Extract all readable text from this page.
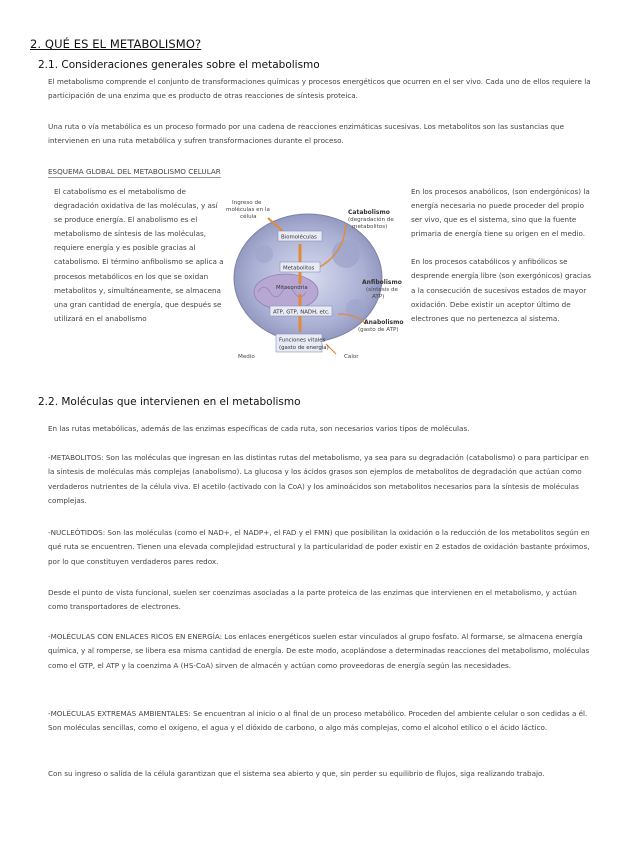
2. QUÉ ES EL METABOLISMO?
2.1. Consideraciones generales sobre el metabolismo

El metabolismo comprende el conjunto de transformaciones químicas y procesos energéticos que ocurren en el ser vivo. Cada uno de ellos requiere la participación de una enzima que es producto de otras reacciones de síntesis proteica.

Una ruta o vía metabólica es un proceso formado por una cadena de reacciones enzimáticas sucesivas. Los metabolitos son las sustancias que intervienen en una ruta metabólica y sufren transformaciones durante el proceso.

ESQUEMA GLOBAL DEL METABOLISMO CELULAR

El catabolismo es el metabolismo de degradación oxidativa de las moléculas, y así se produce energía. El anabolismo es el metabolismo de síntesis de las moléculas, requiere energía y es posible gracias al catabolismo. El término anfibolismo se aplica a procesos metabólicos en los que se oxidan metabolitos y, simultáneamente, se almacena una gran cantidad de energía, que después se utilizará en el anabolismo

Biomoléculas
Metabolitos
Mitocondria
ATP, GTP, NADH, etc.
Funciones vitales
(gasto de energía)
Ingreso de
moléculas en la
célula
Catabolismo
(degradación de
metabolitos)
Anfibolismo
(síntesis de
ATP)
Anabolismo
(gasto de ATP)
Medio	Calor
En los procesos anabólicos, (son endergónicos) la energía necesaria no puede proceder del propio ser vivo, que es el sistema, sino que la fuente primaria de energía tiene su origen en el medio.
En los procesos catabólicos y anfibólicos se desprende energía libre (son exergónicos) gracias a la consecución de sucesivos estados de mayor oxidación. Debe existir un aceptor último de electrones que no pertenezca al sistema.
2.2. Moléculas que intervienen en el metabolismo

En las rutas metabólicas, además de las enzimas específicas de cada ruta, son necesarios varios tipos de moléculas.

-METABOLITOS: Son las moléculas que ingresan en las distintas rutas del metabolismo, ya sea para su degradación (catabolismo) o para participar en la síntesis de moléculas más complejas (anabolismo). La glucosa y los ácidos grasos son ejemplos de metabolitos de degradación que actúan como verdaderos nutrientes de la célula viva. El acetilo (activado con la CoA) y los aminoácidos son metabolitos necesarios para la síntesis de moléculas complejas.

-NUCLEÓTIDOS: Son las moléculas (como el NAD+, el NADP+, el FAD y el FMN) que posibilitan la oxidación o la reducción de los metabolitos según en qué ruta se encuentren. Tienen una elevada complejidad estructural y la particularidad de poder existir en 2 estados de oxidación bastante próximos, por lo que constituyen verdaderos pares redox.

Desde el punto de vista funcional, suelen ser coenzimas asociadas a la parte proteica de las enzimas que intervienen en el metabolismo, y actúan como transportadores de electrones.

-MOLÉCULAS CON ENLACES RICOS EN ENERGÍA: Los enlaces energéticos suelen estar vinculados al grupo fosfato. Al formarse, se almacena energía química, y al romperse, se libera esa misma cantidad de energía. De este modo, acoplándose a determinadas reacciones del metabolismo, moléculas como el GTP, el ATP y la coenzima A (HS-CoA) sirven de almacén y actúan como proveedoras de energía según las necesidades.

-MOLÉCULAS EXTREMAS AMBIENTALES: Se encuentran al inicio o al final de un proceso metabólico. Proceden del ambiente celular o son cedidas a él. Son moléculas sencillas, como el oxígeno, el agua y el dióxido de carbono, o algo más complejas, como el alcohol etílico o el ácido láctico.

Con su ingreso o salida de la célula garantizan que el sistema sea abierto y que, sin perder su equilibrio de flujos, siga realizando trabajo.
